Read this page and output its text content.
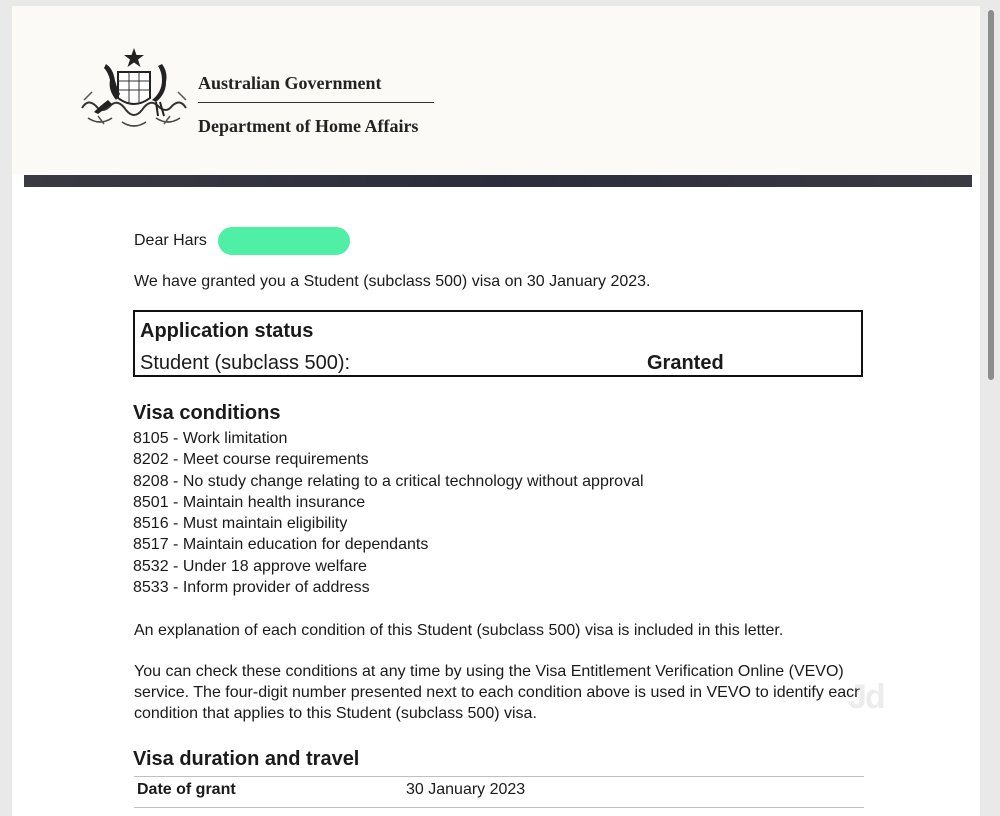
Australian Government
Department of Home Affairs
Dear Hars
We have granted you a Student (subclass 500) visa on 30 January 2023.
Application status
Student (subclass 500):	Granted
Visa conditions
8105 - Work limitation
8202 - Meet course requirements
8208 - No study change relating to a critical technology without approval
8501 - Maintain health insurance
8516 - Must maintain eligibility
8517 - Maintain education for dependants
8532 - Under 18 approve welfare
8533 - Inform provider of address
An explanation of each condition of this Student (subclass 500) visa is included in this letter.
You can check these conditions at any time by using the Visa Entitlement Verification Online (VEVO) service. The four-digit number presented next to each condition above is used in VEVO to identify each condition that applies to this Student (subclass 500) visa.
Visa duration and travel
Date of grant	30 January 2023
Jd
